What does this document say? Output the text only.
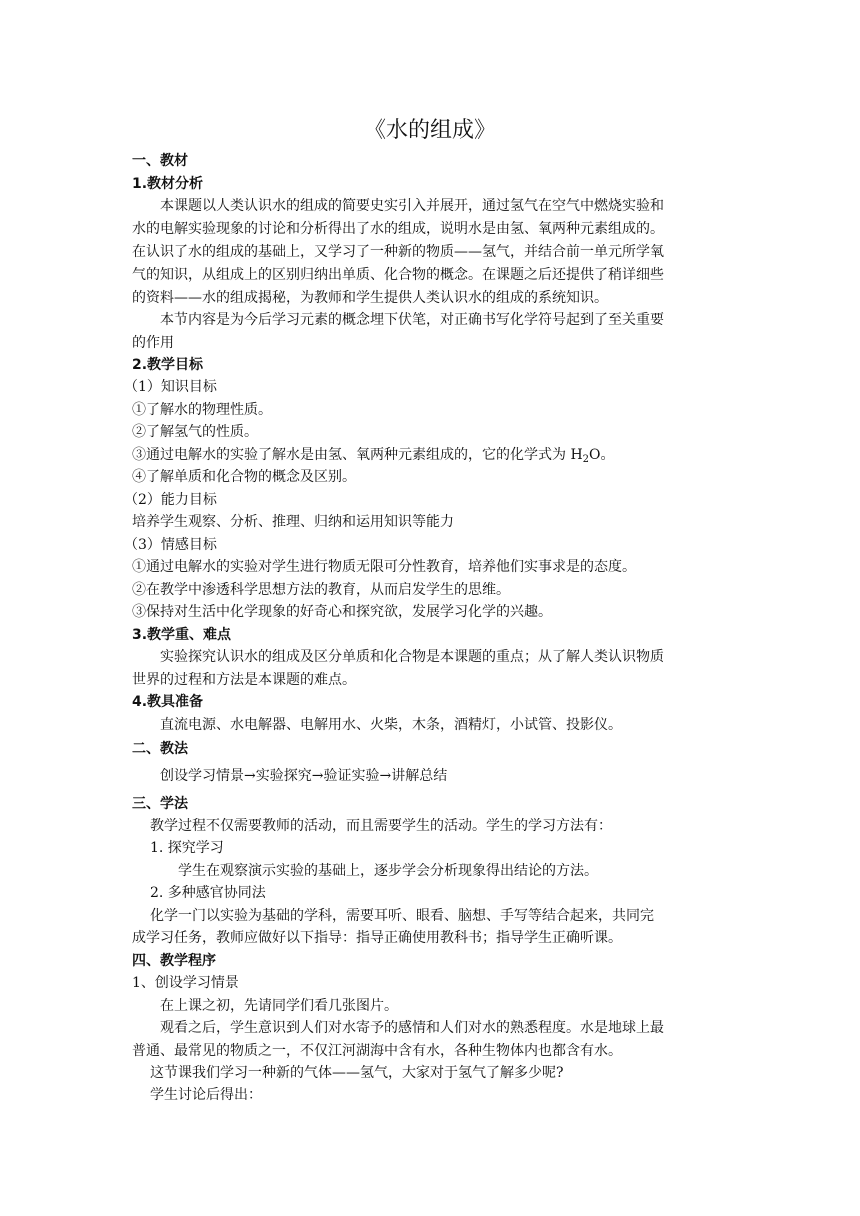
《水的组成》
一、教材
1.教材分析
本课题以人类认识水的组成的简要史实引入并展开，通过氢气在空气中燃烧实验和
水的电解实验现象的讨论和分析得出了水的组成，说明水是由氢、氧两种元素组成的。
在认识了水的组成的基础上，又学习了一种新的物质——氢气，并结合前一单元所学氧
气的知识，从组成上的区别归纳出单质、化合物的概念。在课题之后还提供了稍详细些
的资料——水的组成揭秘，为教师和学生提供人类认识水的组成的系统知识。
本节内容是为今后学习元素的概念埋下伏笔，对正确书写化学符号起到了至关重要
的作用
2.教学目标
（1）知识目标
①了解水的物理性质。
②了解氢气的性质。
③通过电解水的实验了解水是由氢、氧两种元素组成的，它的化学式为 $H_2O$。
④了解单质和化合物的概念及区别。
（2）能力目标
培养学生观察、分析、推理、归纳和运用知识等能力
（3）情感目标
①通过电解水的实验对学生进行物质无限可分性教育，培养他们实事求是的态度。
②在教学中渗透科学思想方法的教育，从而启发学生的思维。
③保持对生活中化学现象的好奇心和探究欲，发展学习化学的兴趣。
3.教学重、难点
实验探究认识水的组成及区分单质和化合物是本课题的重点；从了解人类认识物质
世界的过程和方法是本课题的难点。
4.教具准备
直流电源、水电解器、电解用水、火柴，木条，酒精灯，小试管、投影仪。
二、教法
创设学习情景→实验探究→验证实验→讲解总结
三、学法
教学过程不仅需要教师的活动，而且需要学生的活动。学生的学习方法有：
1. 探究学习
学生在观察演示实验的基础上，逐步学会分析现象得出结论的方法。
2. 多种感官协同法
化学一门以实验为基础的学科，需要耳听、眼看、脑想、手写等结合起来，共同完
成学习任务，教师应做好以下指导：指导正确使用教科书；指导学生正确听课。
四、教学程序
1、创设学习情景
在上课之初，先请同学们看几张图片。
观看之后，学生意识到人们对水寄予的感情和人们对水的熟悉程度。水是地球上最
普通、最常见的物质之一，不仅江河湖海中含有水，各种生物体内也都含有水。
这节课我们学习一种新的气体——氢气，大家对于氢气了解多少呢?
学生讨论后得出：
